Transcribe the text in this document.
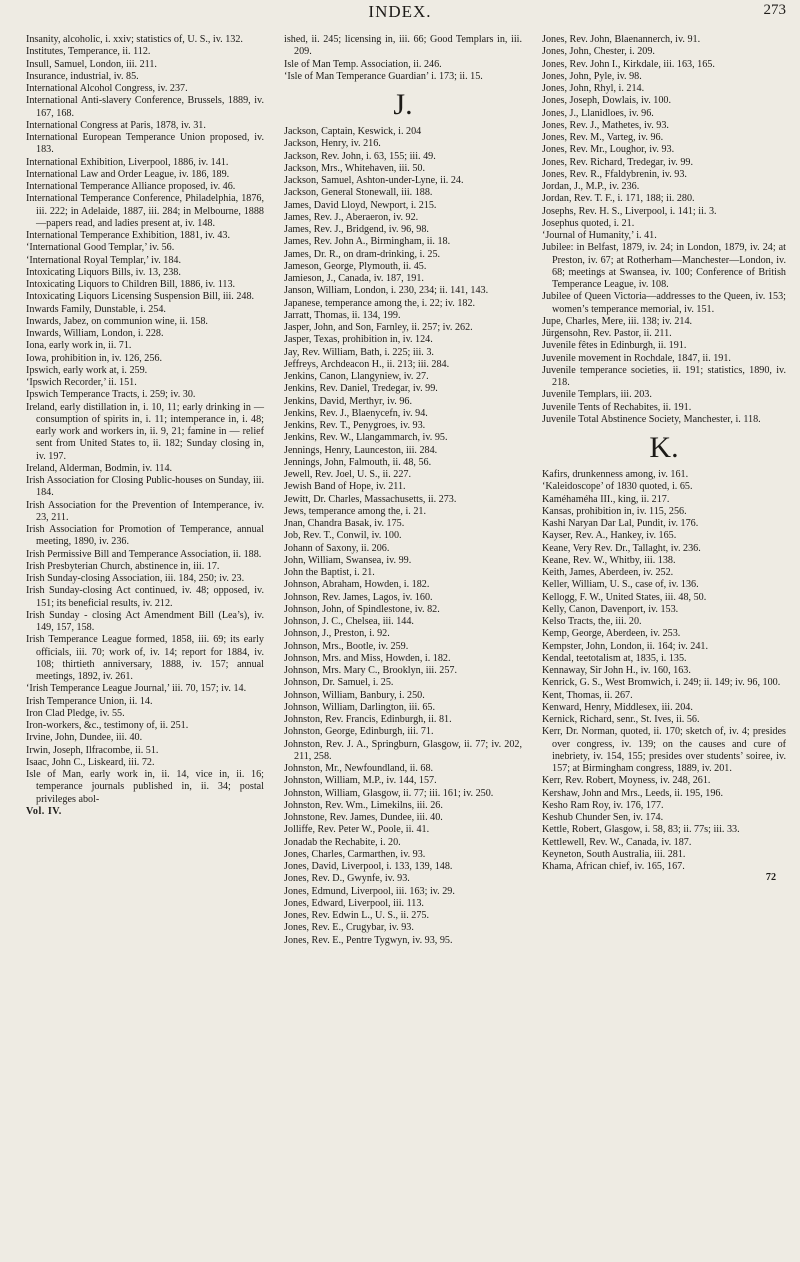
INDEX.	273
Insanity, alcoholic, i. xxiv; statistics of, U. S., iv. 132.
Institutes, Temperance, ii. 112.
Insull, Samuel, London, iii. 211.
Insurance, industrial, iv. 85.
International Alcohol Congress, iv. 237.
International Anti-slavery Conference, Brussels, 1889, iv. 167, 168.
International Congress at Paris, 1878, iv. 31.
International European Temperance Union proposed, iv. 183.
International Exhibition, Liverpool, 1886, iv. 141.
International Law and Order League, iv. 186, 189.
International Temperance Alliance proposed, iv. 46.
International Temperance Conference, Philadelphia, 1876, iii. 222; in Adelaide, 1887, iii. 284; in Melbourne, 1888—papers read, and ladies present at, iv. 148.
International Temperance Exhibition, 1881, iv. 43.
‘International Good Templar,’ iv. 56.
‘International Royal Templar,’ iv. 184.
Intoxicating Liquors Bills, iv. 13, 238.
Intoxicating Liquors to Children Bill, 1886, iv. 113.
Intoxicating Liquors Licensing Suspension Bill, iii. 248.
Inwards Family, Dunstable, i. 254.
Inwards, Jabez, on communion wine, ii. 158.
Inwards, William, London, i. 228.
Iona, early work in, ii. 71.
Iowa, prohibition in, iv. 126, 256.
Ipswich, early work at, i. 259.
‘Ipswich Recorder,’ ii. 151.
Ipswich Temperance Tracts, i. 259; iv. 30.
Ireland, early distillation in, i. 10, 11; early drinking in — consumption of spirits in, i. 11; intemperance in, i. 48; early work and workers in, ii. 9, 21; famine in — relief sent from United States to, ii. 182; Sunday closing in, iv. 197.
Ireland, Alderman, Bodmin, iv. 114.
Irish Association for Closing Public-houses on Sunday, iii. 184.
Irish Association for the Prevention of Intemperance, iv. 23, 211.
Irish Association for Promotion of Temperance, annual meeting, 1890, iv. 236.
Irish Permissive Bill and Temperance Association, ii. 188.
Irish Presbyterian Church, abstinence in, iii. 17.
Irish Sunday-closing Association, iii. 184, 250; iv. 23.
Irish Sunday-closing Act continued, iv. 48; opposed, iv. 151; its beneficial results, iv. 212.
Irish Sunday - closing Act Amendment Bill (Lea’s), iv. 149, 157, 158.
Irish Temperance League formed, 1858, iii. 69; its early officials, iii. 70; work of, iv. 14; report for 1884, iv. 108; thirtieth anniversary, 1888, iv. 157; annual meetings, 1892, iv. 261.
‘Irish Temperance League Journal,’ iii. 70, 157; iv. 14.
Irish Temperance Union, ii. 14.
Iron Clad Pledge, iv. 55.
Iron-workers, &c., testimony of, ii. 251.
Irvine, John, Dundee, iii. 40.
Irwin, Joseph, Ilfracombe, ii. 51.
Isaac, John C., Liskeard, iii. 72.
Isle of Man, early work in, ii. 14, vice in, ii. 16; temperance journals published in, ii. 34; postal privileges abol-
Vol. IV.
ished, ii. 245; licensing in, iii. 66; Good Templars in, iii. 209.
Isle of Man Temp. Association, ii. 246.
‘Isle of Man Temperance Guardian’ i. 173; ii. 15.
J.
Jackson, Captain, Keswick, i. 204
Jackson, Henry, iv. 216.
Jackson, Rev. John, i. 63, 155; iii. 49.
Jackson, Mrs., Whitehaven, iii. 50.
Jackson, Samuel, Ashton-under-Lyne, ii. 24.
Jackson, General Stonewall, iii. 188.
James, David Lloyd, Newport, i. 215.
James, Rev. J., Aberaeron, iv. 92.
James, Rev. J., Bridgend, iv. 96, 98.
James, Rev. John A., Birmingham, ii. 18.
James, Dr. R., on dram-drinking, i. 25.
Jameson, George, Plymouth, ii. 45.
Jamieson, J., Canada, iv. 187, 191.
Janson, William, London, i. 230, 234; ii. 141, 143.
Japanese, temperance among the, i. 22; iv. 182.
Jarratt, Thomas, ii. 134, 199.
Jasper, John, and Son, Farnley, ii. 257; iv. 262.
Jasper, Texas, prohibition in, iv. 124.
Jay, Rev. William, Bath, i. 225; iii. 3.
Jeffreys, Archdeacon H., ii. 213; iii. 284.
Jenkins, Canon, Llangyniew, iv. 27.
Jenkins, Rev. Daniel, Tredegar, iv. 99.
Jenkins, David, Merthyr, iv. 96.
Jenkins, Rev. J., Blaenycefn, iv. 94.
Jenkins, Rev. T., Penygroes, iv. 93.
Jenkins, Rev. W., Llangammarch, iv. 95.
Jennings, Henry, Launceston, iii. 284.
Jennings, John, Falmouth, ii. 48, 56.
Jewell, Rev. Joel, U. S., ii. 227.
Jewish Band of Hope, iv. 211.
Jewitt, Dr. Charles, Massachusetts, ii. 273.
Jews, temperance among the, i. 21.
Jnan, Chandra Basak, iv. 175.
Job, Rev. T., Conwil, iv. 100.
Johann of Saxony, ii. 206.
John, William, Swansea, iv. 99.
John the Baptist, i. 21.
Johnson, Abraham, Howden, i. 182.
Johnson, Rev. James, Lagos, iv. 160.
Johnson, John, of Spindlestone, iv. 82.
Johnson, J. C., Chelsea, iii. 144.
Johnson, J., Preston, i. 92.
Johnson, Mrs., Bootle, iv. 259.
Johnson, Mrs. and Miss, Howden, i. 182.
Johnson, Mrs. Mary C., Brooklyn, iii. 257.
Johnson, Dr. Samuel, i. 25.
Johnson, William, Banbury, i. 250.
Johnson, William, Darlington, iii. 65.
Johnston, Rev. Francis, Edinburgh, ii. 81.
Johnston, George, Edinburgh, iii. 71.
Johnston, Rev. J. A., Springburn, Glasgow, ii. 77; iv. 202, 211, 258.
Johnston, Mr., Newfoundland, ii. 68.
Johnston, William, M.P., iv. 144, 157.
Johnston, William, Glasgow, ii. 77; iii. 161; iv. 250.
Johnston, Rev. Wm., Limekilns, iii. 26.
Johnstone, Rev. James, Dundee, iii. 40.
Jolliffe, Rev. Peter W., Poole, ii. 41.
Jonadab the Rechabite, i. 20.
Jones, Charles, Carmarthen, iv. 93.
Jones, David, Liverpool, i. 133, 139, 148.
Jones, Rev. D., Gwynfe, iv. 93.
Jones, Edmund, Liverpool, iii. 163; iv. 29.
Jones, Edward, Liverpool, iii. 113.
Jones, Rev. Edwin L., U. S., ii. 275.
Jones, Rev. E., Crugybar, iv. 93.
Jones, Rev. E., Pentre Tygwyn, iv. 93, 95.
Jones, Rev. John, Blaenannerch, iv. 91.
Jones, John, Chester, i. 209.
Jones, Rev. John I., Kirkdale, iii. 163, 165.
Jones, John, Pyle, iv. 98.
Jones, John, Rhyl, i. 214.
Jones, Joseph, Dowlais, iv. 100.
Jones, J., Llanidloes, iv. 96.
Jones, Rev. J., Mathetes, iv. 93.
Jones, Rev. M., Varteg, iv. 96.
Jones, Rev. Mr., Loughor, iv. 93.
Jones, Rev. Richard, Tredegar, iv. 99.
Jones, Rev. R., Ffaldybrenin, iv. 93.
Jordan, J., M.P., iv. 236.
Jordan, Rev. T. F., i. 171, 188; ii. 280.
Josephs, Rev. H. S., Liverpool, i. 141; ii. 3.
Josephus quoted, i. 21.
‘Journal of Humanity,’ i. 41.
Jubilee: in Belfast, 1879, iv. 24; in London, 1879, iv. 24; at Preston, iv. 67; at Rotherham—Manchester—London, iv. 68; meetings at Swansea, iv. 100; Conference of British Temperance League, iv. 108.
Jubilee of Queen Victoria—addresses to the Queen, iv. 153; women’s temperance memorial, iv. 151.
Jupe, Charles, Mere, iii. 138; iv. 214.
Jürgensohn, Rev. Pastor, ii. 211.
Juvenile fêtes in Edinburgh, ii. 191.
Juvenile movement in Rochdale, 1847, ii. 191.
Juvenile temperance societies, ii. 191; statistics, 1890, iv. 218.
Juvenile Templars, iii. 203.
Juvenile Tents of Rechabites, ii. 191.
Juvenile Total Abstinence Society, Manchester, i. 118.
K.
Kafirs, drunkenness among, iv. 161.
‘Kaleidoscope’ of 1830 quoted, i. 65.
Kaméhaméha III., king, ii. 217.
Kansas, prohibition in, iv. 115, 256.
Kashi Naryan Dar Lal, Pundit, iv. 176.
Kayser, Rev. A., Hankey, iv. 165.
Keane, Very Rev. Dr., Tallaght, iv. 236.
Keane, Rev. W., Whitby, iii. 138.
Keith, James, Aberdeen, iv. 252.
Keller, William, U. S., case of, iv. 136.
Kellogg, F. W., United States, iii. 48, 50.
Kelly, Canon, Davenport, iv. 153.
Kelso Tracts, the, iii. 20.
Kemp, George, Aberdeen, iv. 253.
Kempster, John, London, ii. 164; iv. 241.
Kendal, teetotalism at, 1835, i. 135.
Kennaway, Sir John H., iv. 160, 163.
Kenrick, G. S., West Bromwich, i. 249; ii. 149; iv. 96, 100.
Kent, Thomas, ii. 267.
Kenward, Henry, Middlesex, iii. 204.
Kernick, Richard, senr., St. Ives, ii. 56.
Kerr, Dr. Norman, quoted, ii. 170; sketch of, iv. 4; presides over congress, iv. 139; on the causes and cure of inebriety, iv. 154, 155; presides over students’ soiree, iv. 157; at Birmingham congress, 1889, iv. 201.
Kerr, Rev. Robert, Moyness, iv. 248, 261.
Kershaw, John and Mrs., Leeds, ii. 195, 196.
Kesho Ram Roy, iv. 176, 177.
Keshub Chunder Sen, iv. 174.
Kettle, Robert, Glasgow, i. 58, 83; ii. 77s; iii. 33.
Kettlewell, Rev. W., Canada, iv. 187.
Keyneton, South Australia, iii. 281.
Khama, African chief, iv. 165, 167.
72
